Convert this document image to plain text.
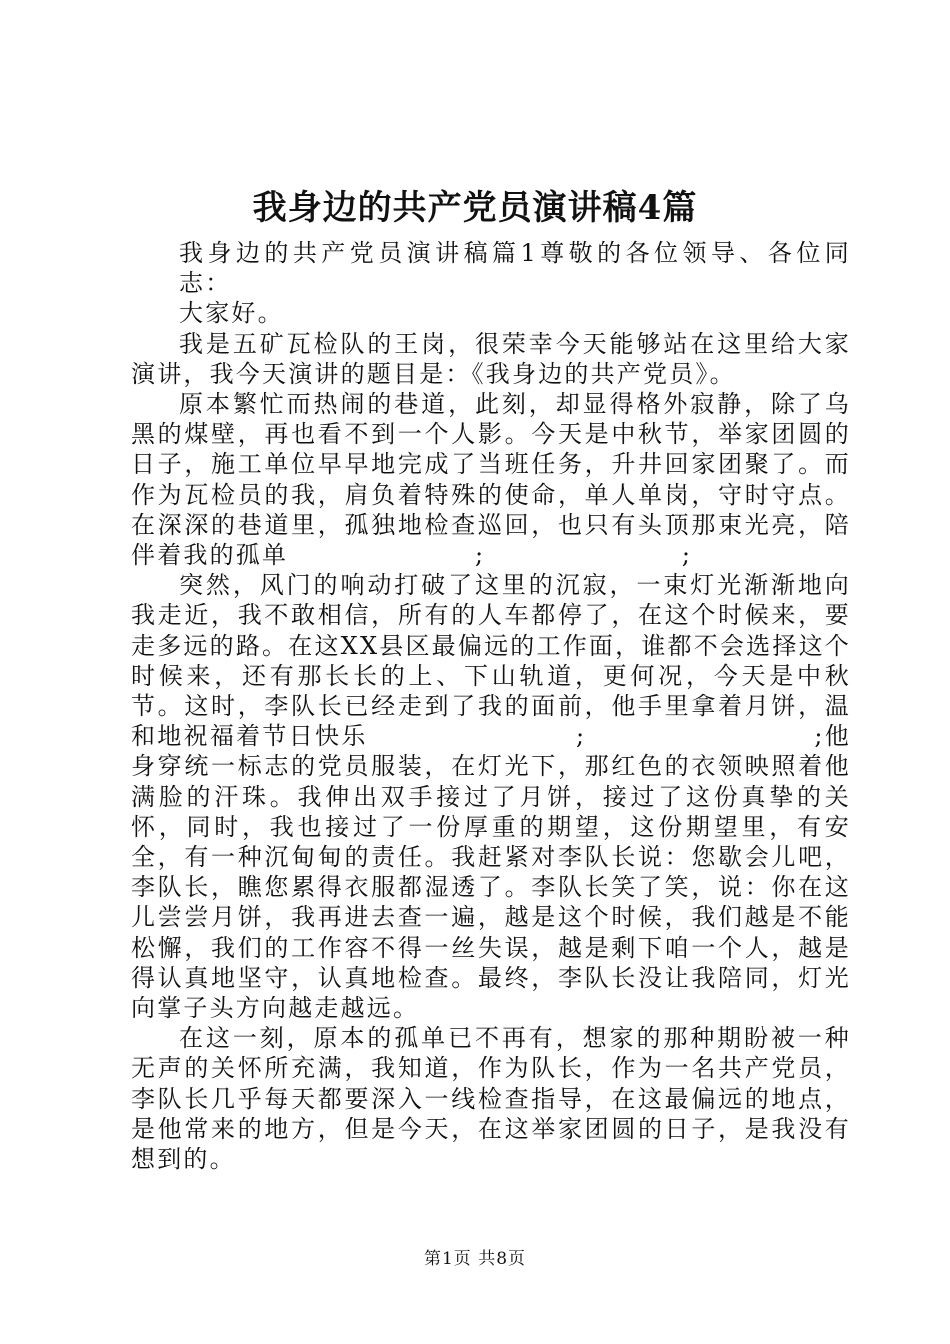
我身边的共产党员演讲稿4篇

我身边的共产党员演讲稿篇1尊敬的各位领导、各位同志：

大家好。

我是五矿瓦检队的王岗，很荣幸今天能够站在这里给大家演讲，我今天演讲的题目是：《我身边的共产党员》。

原本繁忙而热闹的巷道，此刻，却显得格外寂静，除了乌黑的煤壁，再也看不到一个人影。今天是中秋节，举家团圆的日子，施工单位早早地完成了当班任务，升井回家团聚了。而作为瓦检员的我，肩负着特殊的使命，单人单岗，守时守点。在深深的巷道里，孤独地检查巡回，也只有头顶那束光亮，陪伴着我的孤单	;	;

突然，风门的响动打破了这里的沉寂，一束灯光渐渐地向我走近，我不敢相信，所有的人车都停了，在这个时候来，要走多远的路。在这XX县区最偏远的工作面，谁都不会选择这个时候来，还有那长长的上、下山轨道，更何况，今天是中秋节。这时，李队长已经走到了我的面前，他手里拿着月饼，温和地祝福着节日快乐	;	;他身穿统一标志的党员服装，在灯光下，那红色的衣领映照着他满脸的汗珠。我伸出双手接过了月饼，接过了这份真挚的关怀，同时，我也接过了一份厚重的期望，这份期望里，有安全，有一种沉甸甸的责任。我赶紧对李队长说：您歇会儿吧，李队长，瞧您累得衣服都湿透了。李队长笑了笑，说：你在这儿尝尝月饼，我再进去查一遍，越是这个时候，我们越是不能松懈，我们的工作容不得一丝失误，越是剩下咱一个人，越是得认真地坚守，认真地检查。最终，李队长没让我陪同，灯光向掌子头方向越走越远。

在这一刻，原本的孤单已不再有，想家的那种期盼被一种无声的关怀所充满，我知道，作为队长，作为一名共产党员，李队长几乎每天都要深入一线检查指导，在这最偏远的地点，是他常来的地方，但是今天，在这举家团圆的日子，是我没有想到的。

第1页 共8页
